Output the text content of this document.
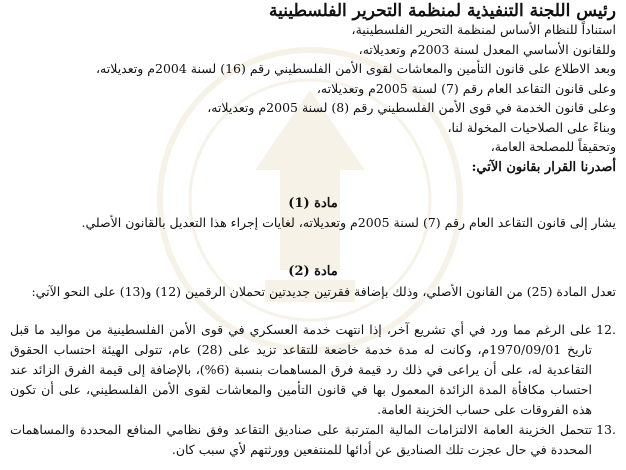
رئيس اللجنة التنفيذية لمنظمة التحرير الفلسطينية
استناداً للنظام الأساس لمنظمة التحرير الفلسطينية،
وللقانون الأساسي المعدل لسنة 2003م وتعديلاته،
وبعد الاطلاع على قانون التأمين والمعاشات لقوى الأمن الفلسطيني رقم (16) لسنة 2004م وتعديلاته،
وعلى قانون التقاعد العام رقم (7) لسنة 2005م وتعديلاته،
وعلى قانون الخدمة في قوى الأمن الفلسطيني رقم (8) لسنة 2005م وتعديلاته،
وبناءً على الصلاحيات المخولة لنا،
وتحقيقاً للمصلحة العامة،
أصدرنا القرار بقانون الآتي:
مادة (1)
يشار إلى قانون التقاعد العام رقم (7) لسنة 2005م وتعديلاته، لغايات إجراء هذا التعديل بالقانون الأصلي.
مادة (2)
تعدل المادة (25) من القانون الأصلي، وذلك بإضافة فقرتين جديدتين تحملان الرقمين (12) و(13) على النحو الآتي:
.12
على الرغم مما ورد في أي تشريع آخر، إذا انتهت خدمة العسكري في قوى الأمن الفلسطينية من مواليد ما قبل تاريخ 1970/09/01م، وكانت له مدة خدمة خاضعة للتقاعد تزيد على (28) عام، تتولى الهيئة احتساب الحقوق التقاعدية له، على أن يراعى في ذلك رد قيمة فرق المساهمات بنسبة (6%)، بالإضافة إلى قيمة الفرق الزائد عند احتساب مكافأة المدة الزائدة المعمول بها في قانون التأمين والمعاشات لقوى الأمن الفلسطيني، على أن تكون هذه الفروقات على حساب الخزينة العامة.
.13
تتحمل الخزينة العامة الالتزامات المالية المترتبة على صناديق التقاعد وفق نظامي المنافع المحددة والمساهمات المحددة في حال عجزت تلك الصناديق عن أدائها للمنتفعين وورثتهم لأي سبب كان.
